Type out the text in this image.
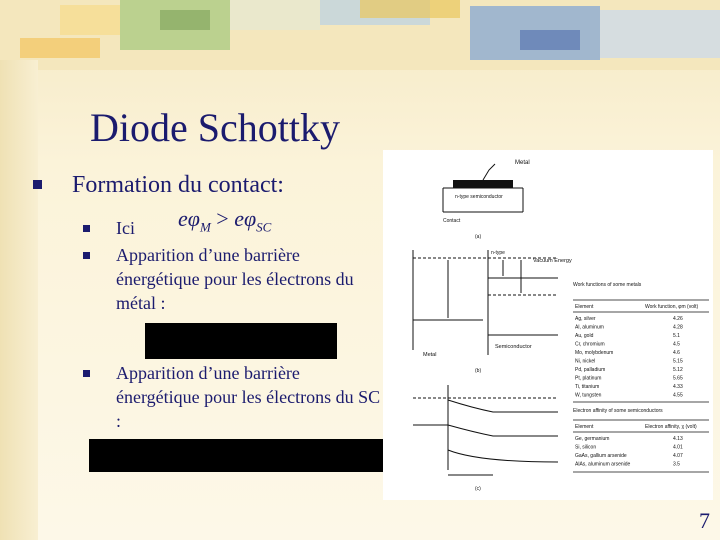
Diode Schottky
Formation du contact:
Ici $e\varphi_M > e\varphi_{SC}$
Apparition d’une barrière énergétique pour les électrons du métal :
Apparition d’une barrière énergétique pour les électrons du SC :
Metal
n-type semiconductor
Contact
(a)
n-type
Vacuum Energy
Metal
Semiconductor
(b)
(c)
Work functions of some metals
Element	Work function, φm (volt)
Ag, silver	4.26
Al, aluminum	4.28
Au, gold	5.1
Cr, chromium	4.5
Mo, molybdenum	4.6
Ni, nickel	5.15
Pd, palladium	5.12
Pt, platinum	5.65
Ti, titanium	4.33
W, tungsten	4.55
Electron affinity of some semiconductors
Element	Electron affinity, χ (volt)
Ge, germanium	4.13
Si, silicon	4.01
GaAs, gallium arsenide	4.07
AlAs, aluminum arsenide	3.5
7
